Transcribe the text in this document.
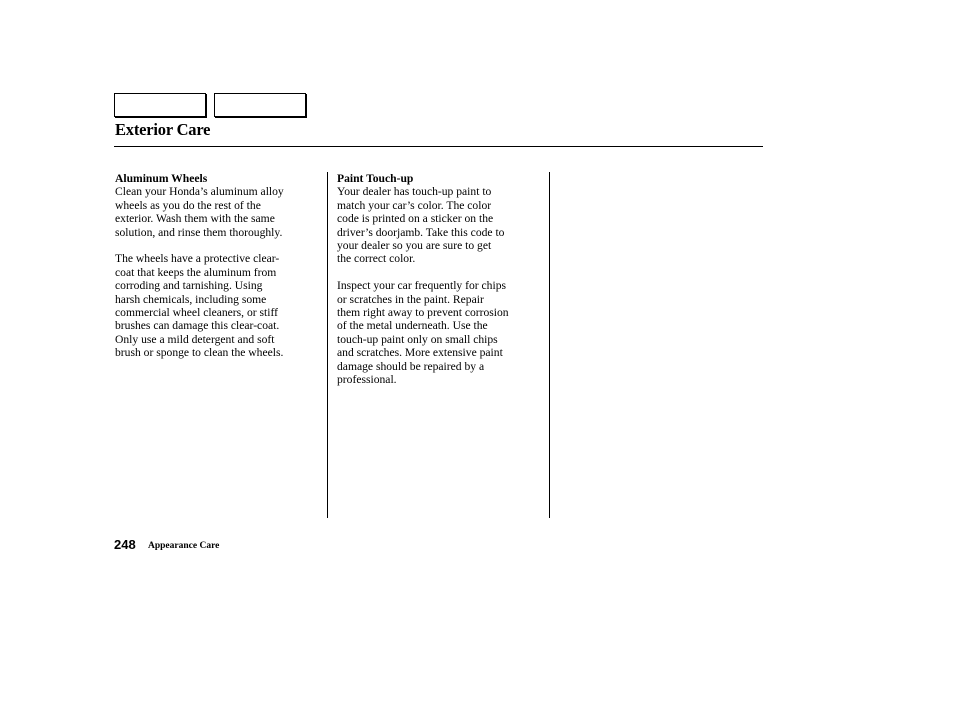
Exterior Care
Aluminum Wheels
Clean your Honda’s aluminum alloy
wheels as you do the rest of the
exterior. Wash them with the same
solution, and rinse them thoroughly.
The wheels have a protective clear-
coat that keeps the aluminum from
corroding and tarnishing. Using
harsh chemicals, including some
commercial wheel cleaners, or stiff
brushes can damage this clear-coat.
Only use a mild detergent and soft
brush or sponge to clean the wheels.
Paint Touch-up
Your dealer has touch-up paint to
match your car’s color. The color
code is printed on a sticker on the
driver’s doorjamb. Take this code to
your dealer so you are sure to get
the correct color.
Inspect your car frequently for chips
or scratches in the paint. Repair
them right away to prevent corrosion
of the metal underneath. Use the
touch-up paint only on small chips
and scratches. More extensive paint
damage should be repaired by a
professional.
248 Appearance Care
